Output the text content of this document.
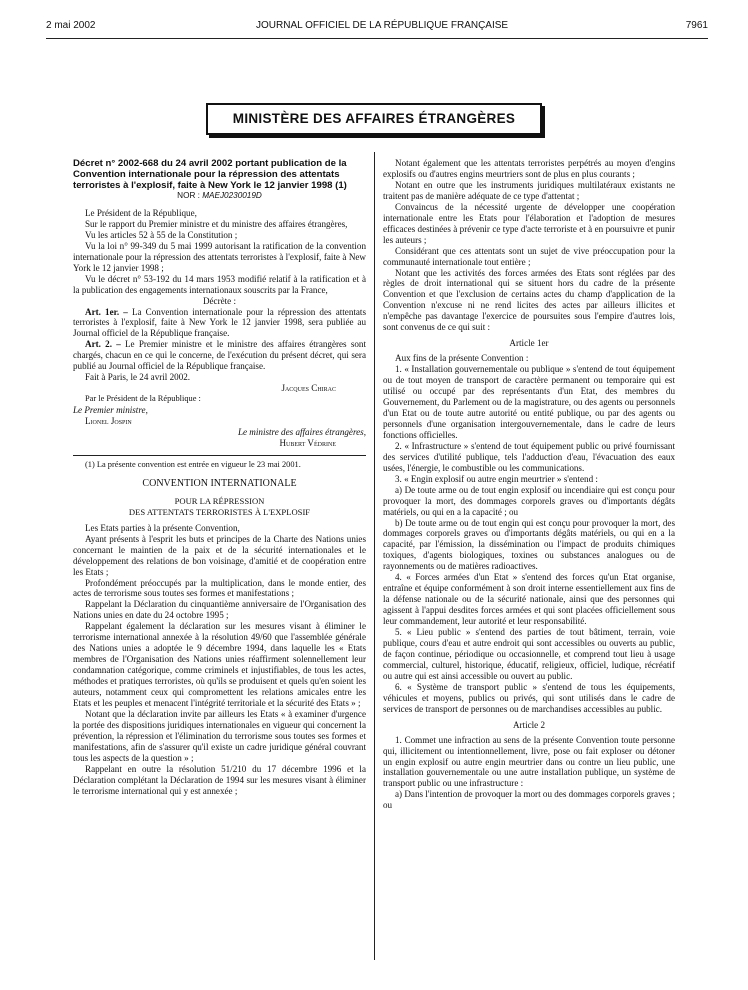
2 mai 2002	JOURNAL OFFICIEL DE LA RÉPUBLIQUE FRANÇAISE	7961
MINISTÈRE DES AFFAIRES ÉTRANGÈRES

Décret n° 2002-668 du 24 avril 2002 portant publication de la Convention internationale pour la répression des attentats terroristes à l'explosif, faite à New York le 12 janvier 1998 (1)

NOR : MAEJ0230019D

Le Président de la République,

Sur le rapport du Premier ministre et du ministre des affaires étrangères,

Vu les articles 52 à 55 de la Constitution ;

Vu la loi n° 99-349 du 5 mai 1999 autorisant la ratification de la convention internationale pour la répression des attentats terroristes à l'explosif, faite à New York le 12 janvier 1998 ;

Vu le décret n° 53-192 du 14 mars 1953 modifié relatif à la ratification et à la publication des engagements internationaux souscrits par la France,

Décrète :

Art. 1er. – La Convention internationale pour la répression des attentats terroristes à l'explosif, faite à New York le 12 janvier 1998, sera publiée au Journal officiel de la République française.

Art. 2. – Le Premier ministre et le ministre des affaires étrangères sont chargés, chacun en ce qui le concerne, de l'exécution du présent décret, qui sera publié au Journal officiel de la République française.

Fait à Paris, le 24 avril 2002.

Jacques Chirac

Par le Président de la République :

Le Premier ministre,

Lionel Jospin

Le ministre des affaires étrangères,

Hubert Védrine

(1) La présente convention est entrée en vigueur le 23 mai 2001.

CONVENTION INTERNATIONALE

POUR LA RÉPRESSION

DES ATTENTATS TERRORISTES À L'EXPLOSIF

Les Etats parties à la présente Convention,

Ayant présents à l'esprit les buts et principes de la Charte des Nations unies concernant le maintien de la paix et de la sécurité internationales et le développement des relations de bon voisinage, d'amitié et de coopération entre les Etats ;

Profondément préoccupés par la multiplication, dans le monde entier, des actes de terrorisme sous toutes ses formes et manifestations ;

Rappelant la Déclaration du cinquantième anniversaire de l'Organisation des Nations unies en date du 24 octobre 1995 ;

Rappelant également la déclaration sur les mesures visant à éliminer le terrorisme international annexée à la résolution 49/60 que l'assemblée générale des Nations unies a adoptée le 9 décembre 1994, dans laquelle les « Etats membres de l'Organisation des Nations unies réaffirment solennellement leur condamnation catégorique, comme criminels et injustifiables, de tous les actes, méthodes et pratiques terroristes, où qu'ils se produisent et quels qu'en soient les auteurs, notamment ceux qui compromettent les relations amicales entre les Etats et les peuples et menacent l'intégrité territoriale et la sécurité des Etats » ;

Notant que la déclaration invite par ailleurs les Etats « à examiner d'urgence la portée des dispositions juridiques internationales en vigueur qui concernent la prévention, la répression et l'élimination du terrorisme sous toutes ses formes et manifestations, afin de s'assurer qu'il existe un cadre juridique général couvrant tous les aspects de la question » ;

Rappelant en outre la résolution 51/210 du 17 décembre 1996 et la Déclaration complétant la Déclaration de 1994 sur les mesures visant à éliminer le terrorisme international qui y est annexée ;

Notant également que les attentats terroristes perpétrés au moyen d'engins explosifs ou d'autres engins meurtriers sont de plus en plus courants ;

Notant en outre que les instruments juridiques multilatéraux existants ne traitent pas de manière adéquate de ce type d'attentat ;

Convaincus de la nécessité urgente de développer une coopération internationale entre les Etats pour l'élaboration et l'adoption de mesures efficaces destinées à prévenir ce type d'acte terroriste et à en poursuivre et punir les auteurs ;

Considérant que ces attentats sont un sujet de vive préoccupation pour la communauté internationale tout entière ;

Notant que les activités des forces armées des Etats sont réglées par des règles de droit international qui se situent hors du cadre de la présente Convention et que l'exclusion de certains actes du champ d'application de la Convention n'excuse ni ne rend licites des actes par ailleurs illicites et n'empêche pas davantage l'exercice de poursuites sous l'empire d'autres lois, sont convenus de ce qui suit :

Article 1er

Aux fins de la présente Convention :

1. « Installation gouvernementale ou publique » s'entend de tout équipement ou de tout moyen de transport de caractère permanent ou temporaire qui est utilisé ou occupé par des représentants d'un Etat, des membres du Gouvernement, du Parlement ou de la magistrature, ou des agents ou personnels d'un Etat ou de toute autre autorité ou entité publique, ou par des agents ou personnels d'une organisation intergouvernementale, dans le cadre de leurs fonctions officielles.

2. « Infrastructure » s'entend de tout équipement public ou privé fournissant des services d'utilité publique, tels l'adduction d'eau, l'évacuation des eaux usées, l'énergie, le combustible ou les communications.

3. « Engin explosif ou autre engin meurtrier » s'entend :

a) De toute arme ou de tout engin explosif ou incendiaire qui est conçu pour provoquer la mort, des dommages corporels graves ou d'importants dégâts matériels, ou qui en a la capacité ; ou

b) De toute arme ou de tout engin qui est conçu pour provoquer la mort, des dommages corporels graves ou d'importants dégâts matériels, ou qui en a la capacité, par l'émission, la dissémination ou l'impact de produits chimiques toxiques, d'agents biologiques, toxines ou substances analogues ou de rayonnements ou de matières radioactives.

4. « Forces armées d'un Etat » s'entend des forces qu'un Etat organise, entraîne et équipe conformément à son droit interne essentiellement aux fins de la défense nationale ou de la sécurité nationale, ainsi que des personnes qui agissent à l'appui desdites forces armées et qui sont placées officiellement sous leur commandement, leur autorité et leur responsabilité.

5. « Lieu public » s'entend des parties de tout bâtiment, terrain, voie publique, cours d'eau et autre endroit qui sont accessibles ou ouverts au public, de façon continue, périodique ou occasionnelle, et comprend tout lieu à usage commercial, culturel, historique, éducatif, religieux, officiel, ludique, récréatif ou autre qui est ainsi accessible ou ouvert au public.

6. « Système de transport public » s'entend de tous les équipements, véhicules et moyens, publics ou privés, qui sont utilisés dans le cadre de services de transport de personnes ou de marchandises accessibles au public.

Article 2

1. Commet une infraction au sens de la présente Convention toute personne qui, illicitement ou intentionnellement, livre, pose ou fait exploser ou détoner un engin explosif ou autre engin meurtrier dans ou contre un lieu public, une installation gouvernementale ou une autre installation publique, un système de transport public ou une infrastructure :

a) Dans l'intention de provoquer la mort ou des dommages corporels graves ; ou
